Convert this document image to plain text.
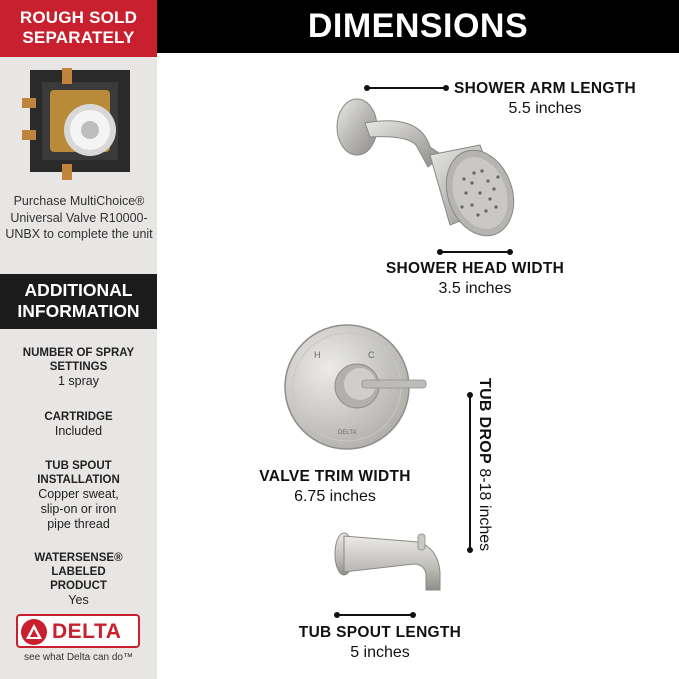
ROUGH SOLD SEPARATELY
Purchase MultiChoice® Universal Valve R10000-UNBX to complete the unit
ADDITIONAL INFORMATION
NUMBER OF SPRAY SETTINGS
1 spray
CARTRIDGE
Included
TUB SPOUT INSTALLATION
Copper sweat, slip-on or iron pipe thread
WATERSENSE® LABELED PRODUCT
Yes
DELTA
see what Delta can do™
DIMENSIONS
SHOWER ARM LENGTH
5.5 inches
SHOWER HEAD WIDTH
3.5 inches
H	C
DELTA
VALVE TRIM WIDTH
6.75 inches
TUB DROP 8-18 inches
TUB SPOUT LENGTH
5 inches
